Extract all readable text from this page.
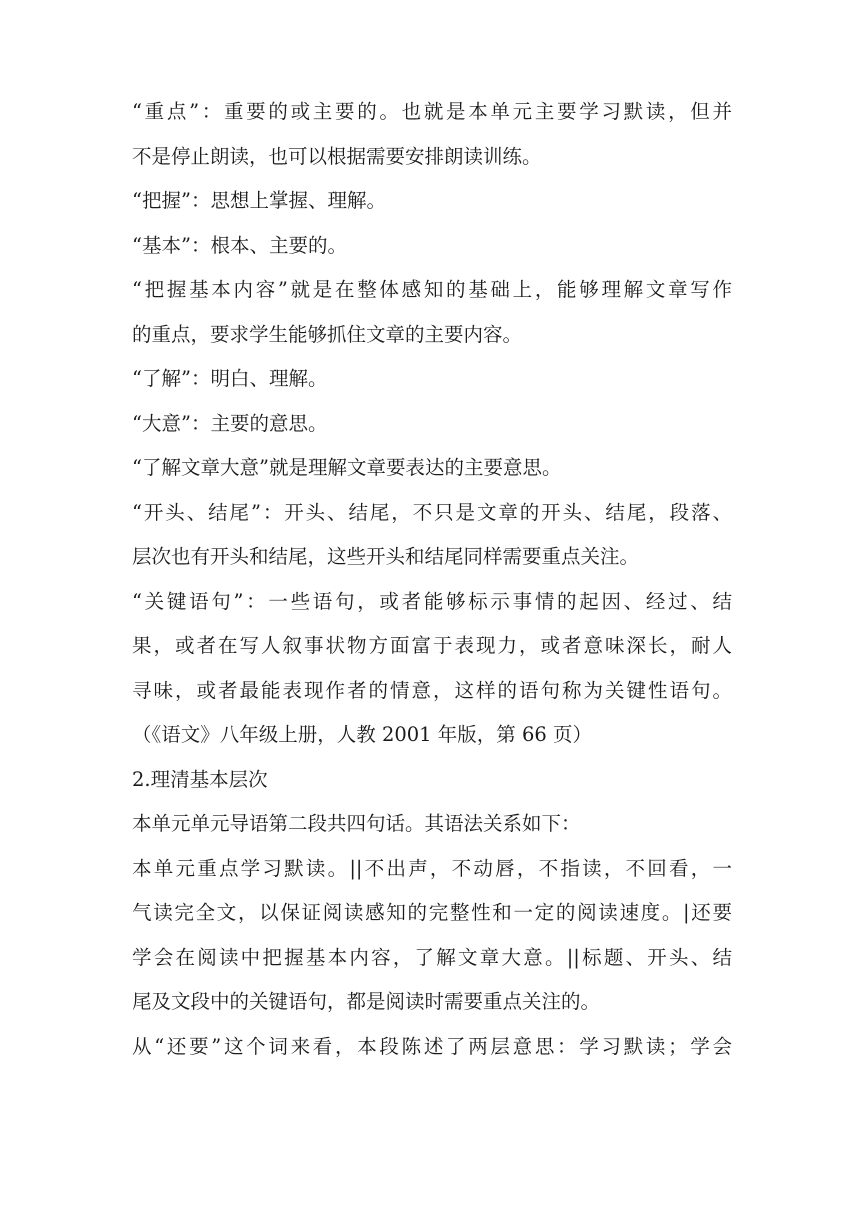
“重点”：重要的或主要的。也就是本单元主要学习默读，但并
不是停止朗读，也可以根据需要安排朗读训练。
“把握”：思想上掌握、理解。
“基本”：根本、主要的。
“把握基本内容”就是在整体感知的基础上，能够理解文章写作
的重点，要求学生能够抓住文章的主要内容。
“了解”：明白、理解。
“大意”：主要的意思。
“了解文章大意”就是理解文章要表达的主要意思。
“开头、结尾”：开头、结尾，不只是文章的开头、结尾，段落、
层次也有开头和结尾，这些开头和结尾同样需要重点关注。
“关键语句”：一些语句，或者能够标示事情的起因、经过、结
果，或者在写人叙事状物方面富于表现力，或者意味深长，耐人
寻味，或者最能表现作者的情意，这样的语句称为关键性语句。
（《语文》八年级上册，人教 2001 年版，第 66 页）
2.理清基本层次
本单元单元导语第二段共四句话。其语法关系如下：
本单元重点学习默读。||不出声，不动唇，不指读，不回看，一
气读完全文，以保证阅读感知的完整性和一定的阅读速度。|还要
学会在阅读中把握基本内容，了解文章大意。||标题、开头、结
尾及文段中的关键语句，都是阅读时需要重点关注的。
从“还要”这个词来看，本段陈述了两层意思：学习默读；学会
